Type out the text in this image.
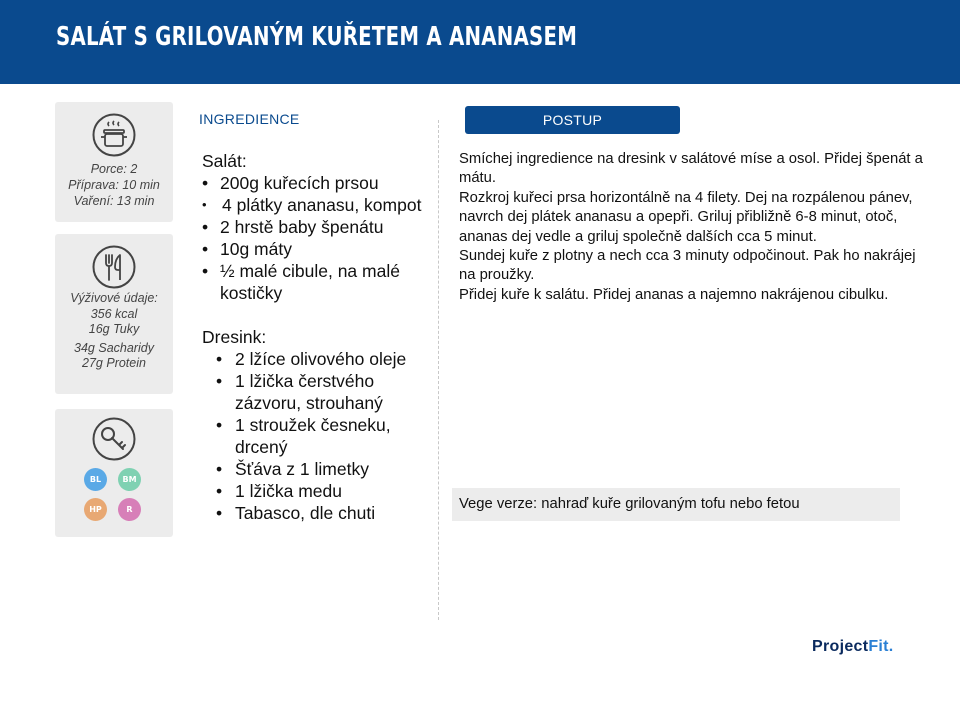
SALÁT S GRILOVANÝM KUŘETEM A ANANASEM
Porce: 2
Příprava: 10 min
Vaření: 13 min
Výživové údaje:
356 kcal
16g Tuky
34g Sacharidy
27g Protein
BL	BM
HP	R
INGREDIENCE
Salát:
• 200g kuřecích prsou
• 4 plátky ananasu, kompot
• 2 hrstě baby špenátu
• 10g máty
• ½ malé cibule, na malé kostičky
Dresink:
• 2 lžíce olivového oleje
• 1 lžička čerstvého zázvoru, strouhaný
• 1 stroužek česneku, drcený
• Šťáva z 1 limetky
• 1 lžička medu
• Tabasco, dle chuti
POSTUP
Smíchej ingredience na dresink v salátové míse a osol. Přidej špenát a mátu.
Rozkroj kuřeci prsa horizontálně na 4 filety. Dej na rozpálenou pánev, navrch dej plátek ananasu a opepři. Griluj přibližně 6-8 minut, otoč, ananas dej vedle a griluj společně dalších cca 5 minut.
Sundej kuře z plotny a nech cca 3 minuty odpočinout. Pak ho nakrájej na proužky.
Přidej kuře k salátu. Přidej ananas a najemno nakrájenou cibulku.
Vege verze: nahraď kuře grilovaným tofu nebo fetou
ProjectFit.
